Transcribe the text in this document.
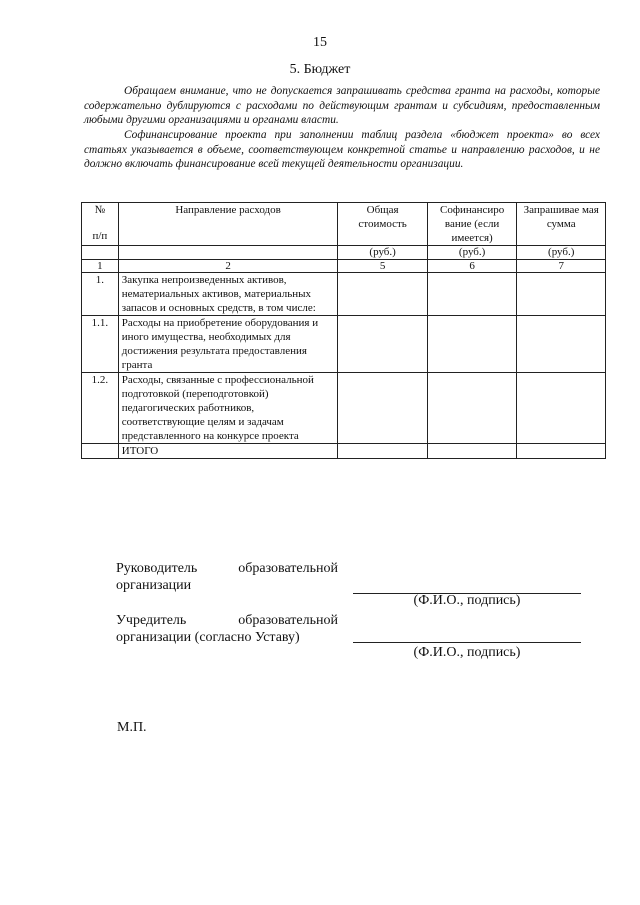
15
5. Бюджет

Обращаем внимание, что не допускается запрашивать средства гранта на расходы, которые содержательно дублируются с расходами по действующим грантам и субсидиям, предоставленным любыми другими организациями и органами власти.

Софинансирование проекта при заполнении таблиц раздела «бюджет проекта» во всех статьях указывается в объеме, соответствующем конкретной статье и направлению расходов, и не должно включать финансирование всей текущей деятельности организации.

№
п/п	Направление расходов	Общая стоимость	Софинансиро вание (если имеется)	Запрашивае мая сумма
		(руб.)	(руб.)	(руб.)
1	2	5	6	7
1.	Закупка непроизведенных активов, нематериальных активов, материальных запасов и основных средств, в том числе:			
1.1.	Расходы на приобретение оборудования и иного имущества, необходимых для достижения результата предоставления гранта			
1.2.	Расходы, связанные с профессиональной подготовкой (переподготовкой) педагогических работников, соответствующие целям и задачам представленного на конкурсе проекта			
	ИТОГО			
Руководитель образовательной
организации
(Ф.И.О., подпись)
Учредитель образовательной
организации (согласно Уставу)
(Ф.И.О., подпись)
М.П.
